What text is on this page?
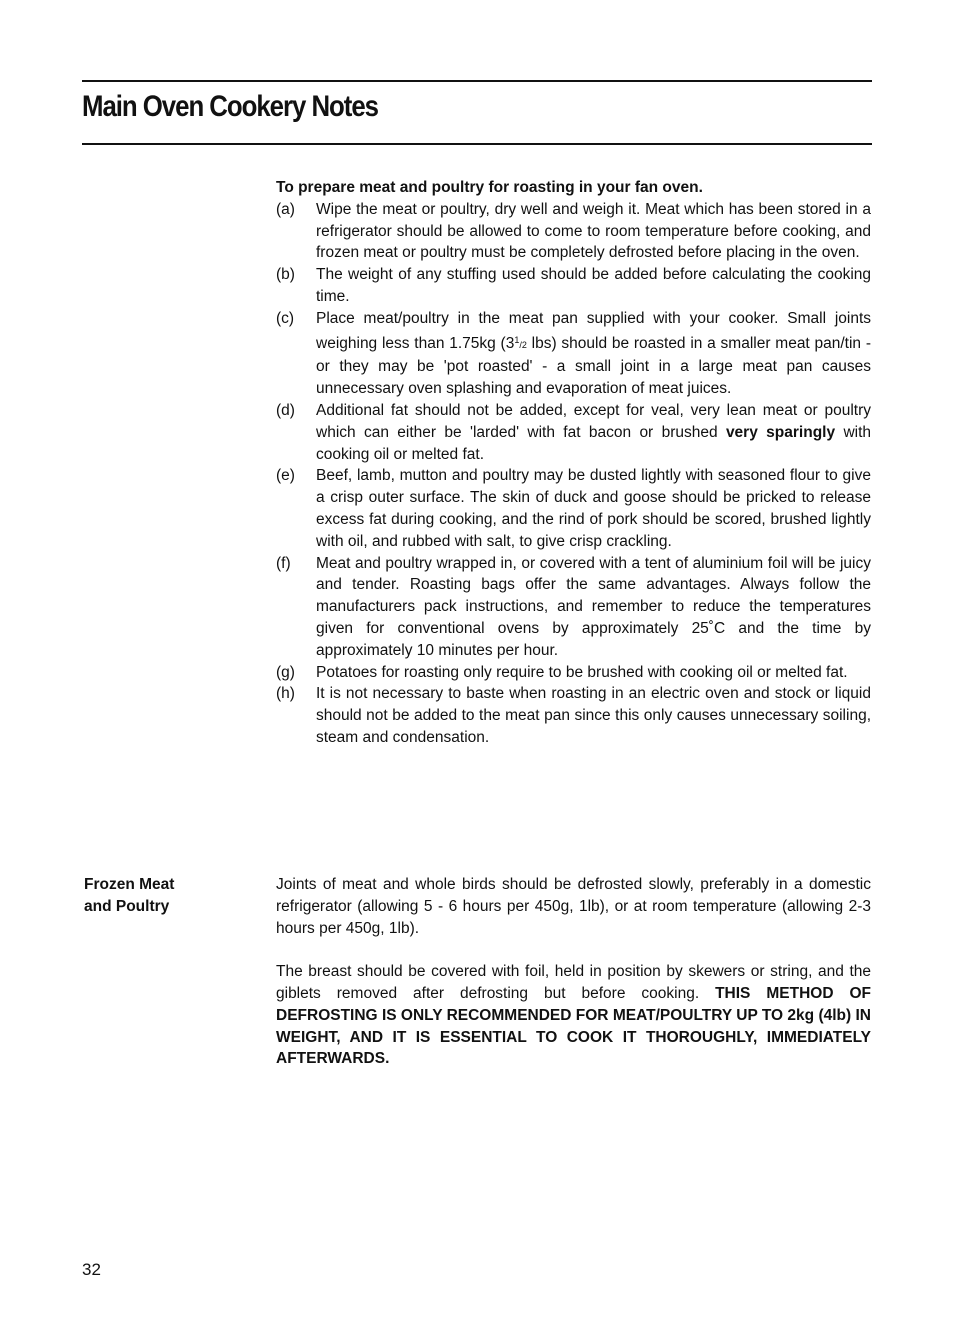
Main Oven Cookery Notes

To prepare meat and poultry for roasting in your fan oven.

(a)	Wipe the meat or poultry, dry well and weigh it. Meat which has been stored in a refrigerator should be allowed to come to room temperature before cooking, and frozen meat or poultry must be completely defrosted before placing in the oven.
(b)	The weight of any stuffing used should be added before calculating the cooking time.
(c)	Place meat/poultry in the meat pan supplied with your cooker. Small joints weighing less than 1.75kg (31/2 lbs) should be roasted in a smaller meat pan/tin - or they may be 'pot roasted' - a small joint in a large meat pan causes unnecessary oven splashing and evaporation of meat juices.
(d)	Additional fat should not be added, except for veal, very lean meat or poultry which can either be 'larded' with fat bacon or brushed very sparingly with cooking oil or melted fat.
(e)	Beef, lamb, mutton and poultry may be dusted lightly with seasoned flour to give a crisp outer surface. The skin of duck and goose should be pricked to release excess fat during cooking, and the rind of pork should be scored, brushed lightly with oil, and rubbed with salt, to give crisp crackling.
(f)	Meat and poultry wrapped in, or covered with a tent of aluminium foil will be juicy and tender. Roasting bags offer the same advantages. Always follow the manufacturers pack instructions, and remember to reduce the temperatures given for conventional ovens by approximately 25˚C and the time by approximately 10 minutes per hour.
(g)	Potatoes for roasting only require to be brushed with cooking oil or melted fat.
(h)	It is not necessary to baste when roasting in an electric oven and stock or liquid should not be added to the meat pan since this only causes unnecessary soiling, steam and condensation.
Frozen Meat
and Poultry

Joints of meat and whole birds should be defrosted slowly, preferably in a domestic refrigerator (allowing 5 - 6 hours per 450g, 1lb), or at room temperature (allowing 2-3 hours per 450g, 1lb).

The breast should be covered with foil, held in position by skewers or string, and the giblets removed after defrosting but before cooking. THIS METHOD OF DEFROSTING IS ONLY RECOMMENDED FOR MEAT/POULTRY UP TO 2kg (4lb) IN WEIGHT, AND IT IS ESSENTIAL TO COOK IT THOROUGHLY, IMMEDIATELY AFTERWARDS.

32
